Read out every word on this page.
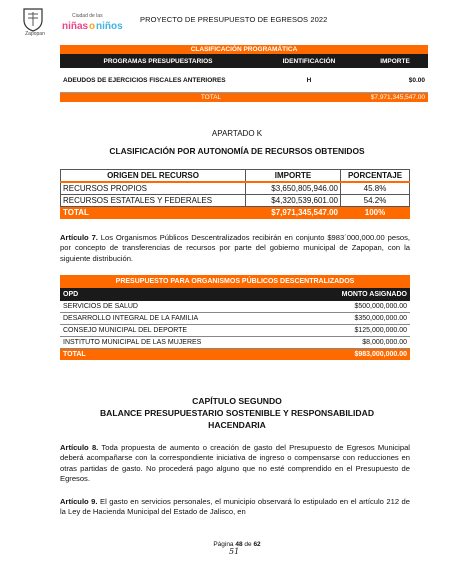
Zapopan
Ciudad de las
niñas o niños
PROYECTO DE PRESUPUESTO DE EGRESOS 2022
CLASIFICACIÓN PROGRAMÁTICA		
PROGRAMAS PRESUPUESTARIOS	IDENTIFICACIÓN	IMPORTE
ADEUDOS DE EJERCICIOS FISCALES ANTERIORES	H	$0.00
TOTAL		$7,971,345,547.00
APARTADO K
CLASIFICACIÓN POR AUTONOMÍA DE RECURSOS OBTENIDOS
ORIGEN DEL RECURSO	IMPORTE	PORCENTAJE
RECURSOS PROPIOS	$3,650,805,946.00	45.8%
RECURSOS ESTATALES Y FEDERALES	$4,320,539,601.00	54.2%
TOTAL	$7,971,345,547.00	100%
Artículo 7. Los Organismos Públicos Descentralizados recibirán en conjunto $983´000,000.00 pesos, por concepto de transferencias de recursos por parte del gobierno municipal de Zapopan, con la siguiente distribución.
PRESUPUESTO PARA ORGANISMOS PÚBLICOS DESCENTRALIZADOS	
OPD	MONTO ASIGNADO
SERVICIOS DE SALUD	$500,000,000.00
DESARROLLO INTEGRAL DE LA FAMILIA	$350,000,000.00
CONSEJO MUNICIPAL DEL DEPORTE	$125,000,000.00
INSTITUTO MUNICIPAL DE LAS MUJERES	$8,000,000.00
TOTAL	$983,000,000.00
CAPÍTULO SEGUNDO
BALANCE PRESUPUESTARIO SOSTENIBLE Y RESPONSABILIDAD
HACENDARIA
Artículo 8. Toda propuesta de aumento o creación de gasto del Presupuesto de Egresos Municipal deberá acompañarse con la correspondiente iniciativa de ingreso o compensarse con reducciones en otras partidas de gasto. No procederá pago alguno que no esté comprendido en el Presupuesto de Egresos.
Artículo 9. El gasto en servicios personales, el municipio observará lo estipulado en el artículo 212 de la Ley de Hacienda Municipal del Estado de Jalisco, en
Página 48 de 62
51
